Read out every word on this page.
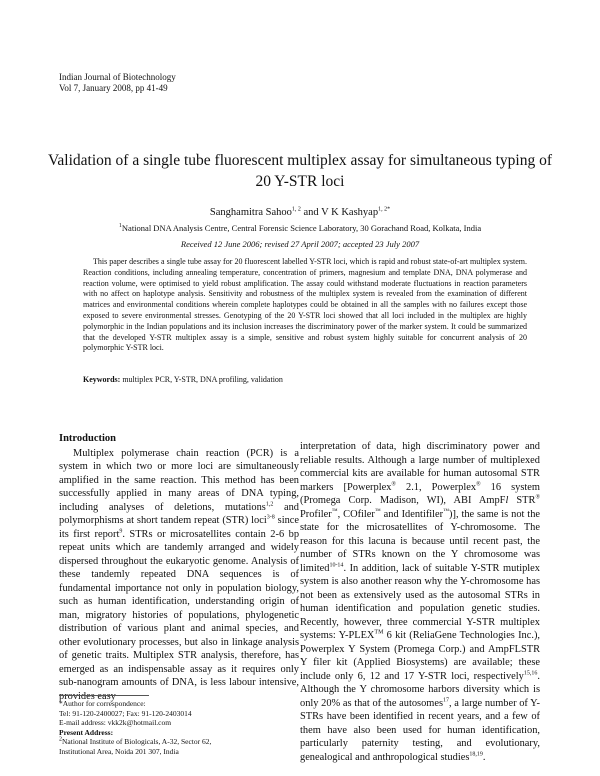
Indian Journal of Biotechnology
Vol 7, January 2008, pp 41-49
Validation of a single tube fluorescent multiplex assay for simultaneous typing of 20 Y-STR loci
Sanghamitra Sahoo$^{1, 2}$ and V K Kashyap$^{1, 2*}$
$^1$National DNA Analysis Centre, Central Forensic Science Laboratory, 30 Gorachand Road, Kolkata, India
Received 12 June 2006; revised 27 April 2007; accepted 23 July 2007

This paper describes a single tube assay for 20 fluorescent labelled Y-STR loci, which is rapid and robust state-of-art multiplex system. Reaction conditions, including annealing temperature, concentration of primers, magnesium and template DNA, DNA polymerase and reaction volume, were optimised to yield robust amplification. The assay could withstand moderate fluctuations in reaction parameters with no affect on haplotype analysis. Sensitivity and robustness of the multiplex system is revealed from the examination of different matrices and environmental conditions wherein complete haplotypes could be obtained in all the samples with no failures except those exposed to severe environmental stresses. Genotyping of the 20 Y-STR loci showed that all loci included in the multiplex are highly polymorphic in the Indian populations and its inclusion increases the discriminatory power of the marker system. It could be summarized that the developed Y-STR multiplex assay is a simple, sensitive and robust system highly suitable for concurrent analysis of 20 polymorphic Y-STR loci.

Keywords: multiplex PCR, Y-STR, DNA profiling, validation
Introduction

Multiplex polymerase chain reaction (PCR) is a system in which two or more loci are simultaneously amplified in the same reaction. This method has been successfully applied in many areas of DNA typing, including analyses of deletions, mutations$^{1,2}$ and polymorphisms at short tandem repeat (STR) loci$^{3-8}$ since its first report$^9$. STRs or microsatellites contain 2-6 bp repeat units which are tandemly arranged and widely dispersed throughout the eukaryotic genome. Analysis of these tandemly repeated DNA sequences is of fundamental importance not only in population biology, such as human identification, understanding origin of man, migratory histories of populations, phylogenetic distribution of various plant and animal species, and other evolutionary processes, but also in linkage analysis of genetic traits. Multiplex STR analysis, therefore, has emerged as an indispensable assay as it requires only sub-nanogram amounts of DNA, is less labour intensive, provides easy

interpretation of data, high discriminatory power and reliable results. Although a large number of multiplexed commercial kits are available for human autosomal STR markers [Powerplex® 2.1, Powerplex® 16 system (Promega Corp. Madison, WI), ABI AmpFl STR® Profiler™, COfiler™ and Identifiler™)], the same is not the state for the microsatellites of Y-chromosome. The reason for this lacuna is because until recent past, the number of STRs known on the Y chromosome was limited$^{10-14}$. In addition, lack of suitable Y-STR mutiplex system is also another reason why the Y-chromosome has not been as extensively used as the autosomal STRs in human identification and population genetic studies. Recently, however, three commercial Y-STR multiplex systems: Y-PLEX™ 6 kit (ReliaGene Technologies Inc.), Powerplex Y System (Promega Corp.) and AmpFLSTR Y filer kit (Applied Biosystems) are available; these include only 6, 12 and 17 Y-STR loci, respectively$^{15,16}$. Although the Y chromosome harbors diversity which is only 20% as that of the autosomes$^{17}$, a large number of Y-STRs have been identified in recent years, and a few of them have also been used for human identification, particularly paternity testing, and evolutionary, genealogical and anthropological studies$^{18,19}$.

*Author for correspondence:
Tel: 91-120-2400027; Fax: 91-120-2403014
E-mail address: vkk2k@hotmail.com
Present Address:
$^2$National Institute of Biologicals, A-32, Sector 62,
Institutional Area, Noida 201 307, India
